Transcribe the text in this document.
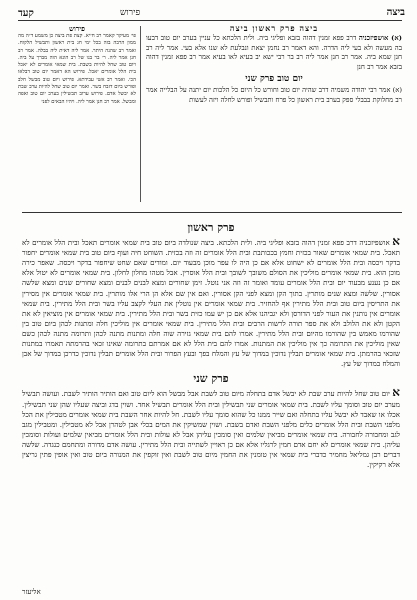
קעד	פירוש	ביצה
פירוש
פי׳ מעיקר קאמר רב חייא. קצת פת ביצה כן משמע ד״ה מה ממון הרבה בזה בכל ימי חג בית ראשון ותבשיל הלקוח. ואמר רב שהנה היתר. אמר ליה דאית ליה בבלה. אמר רב חנן אמר ליה. ר׳ בר בנו של רב הונא הוה מברך על ביה. ויום טוב שחל להיות בשבת. בית שמאי אומרים לא יאכל בית הלל אומרים יאכל. פירוש הא דאמר יום טוב דבלאו הכי. ואמר רב אשי עבידתא. פירוש ויום טוב מבשל חלב ופורש ביום דזבח בשר. ואמר יום טוב שחל להיות ערב שבת לא יבשל אדם. פירוש ערוב תבשילין בערב יום טוב ואפה ומבשל. אמר רב חנן אמר ליה. ויהיו הבאים לפני
ביצה פרק ראשון ביצה
(א) אושפיזכניה דרב פפא זמנין דהוה בזבא ופליגי ביה. ולית הלכתא כל עניין בערב יום טוב דבעו בה מעשה ולא בעי ליה הדרה. והא דאמר רב נחמן יצאת ונבלעת לא שנו אלא בעי. אמר ליה רב חנן שמא ביה. אמר רב חנן אמר ליה רב בר רבי ישא יב בעיא לאו בעיא אמר רב פפא זמנין דהוה בזבא אמר רב חנן
יום טוב פרק שני
(א) אמר רבי יהודה משמיה דרב שהיה יום טוב וחורש כל היום כל הלכות יום יתנה על הבלייה אמר רב מחלוקת בבבלי ספק בערב בית ראשון כל פרח ותבשיל ופורש לחלה ויזה לעשות
פרק ראשון
א אושפיזכניה דרב פפא זמנין דהוה בזבא ופליגי ביה. ולית הלכתא. ביצה שנולדה ביום טוב בית שמאי אומרים תאכל ובית הלל אומרים לא תאכל. בית שמאי אומרים שאור בכזית וחמץ בככותבת ובית הלל אומרים זה וזה בכזית. השוחט חיה ועוף ביום טוב בית שמאי אומרים יחפור בדקר ויכסה ובית הלל אומרים לא ישחוט אלא אם כן היה לו עפר מוכן מבעוד יום. ומודים שאם שחט שיחפור בדקר ויכסה. שאפר כירה מוכן הוא. בית שמאי אומרים מוליכין את הסולם משובך לשובך ובית הלל אוסרין. אבל מטהו מחלון לחלון. בית שמאי אומרים לא יטול אלא אם כן נענע מבעוד יום ובית הלל אומרים עומד ואומר זה וזה אני נוטל. זימן שחורים ומצא לבנים לבנים ומצא שחורים שנים ומצא שלשה אסורין. שלשה ומצא שנים מותרין. בתוך הקן ומצא לפני הקן אסורין. ואם אין שם אלא הן הרי אלו מותרין. בית שמאי אומרים אין מסירין את התריסין ביום טוב ובית הלל מתירין אף להחזיר. בית שמאי אומרים אין נוטלין את העלי לקצב עליו בשר ובית הלל מתירין. בית שמאי אומרים אין נותנין את העור לפני הדורסן ולא יגביהנו אלא אם כן יש עמו כזית בשר ובית הלל מתירין. בית שמאי אומרים אין מוציאין לא את הקטן ולא את הלולב ולא את ספר תורה לרשות הרבים ובית הלל מתירין. בית שמאי אומרים אין מוליכין חלה ומתנות לכהן ביום טוב בין שהורמו מאמש בין שהורמו מהיום ובית הלל מתירין. אמרו להם בית שמאי גזירה שוה חלה ומתנות מתנה לכהן ותרומה מתנה לכהן כשם שאין מוליכין את התרומה כך אין מוליכין את המתנות. אמרו להם בית הלל לא אם אמרתם בתרומה שאינו זכאי בהרמתה תאמרו במתנות שזכאי בהרמתן. בית שמאי אומרים תבלין נדוכין במדוך של עץ והמלח בפך ובעץ הפרור ובית הלל אומרים תבלין נדוכין כדרכן במדוך של אבן והמלח במדוך של עץ.
פרק שני
א יום טוב שחל להיות ערב שבת לא יבשל אדם בתחלה מיום טוב לשבת אבל מבשל הוא ליום טוב ואם הותיר הותיר לשבת. ועושה תבשיל מערב יום טוב וסומך עליו לשבת. בית שמאי אומרים שני תבשילין ובית הלל אומרים תבשיל אחד. ושוין בדג וביצה שעליו שהן שני תבשילין. אכלו או שאבד לא יבשל עליו בתחלה ואם שייר ממנו כל שהוא סומך עליו לשבת. חל להיות אחר השבת בית שמאי אומרים מטבילין את הכל מלפני השבת ובית הלל אומרים כלים מלפני השבת ואדם בשבת. ושוין שמשיקין את המים בכלי אבן לטהרן אבל לא מטבילין. ומטבילין מגב לגב ומחבורה לחבורה. בית שמאי אומרים מביאין שלמים ואין סומכין עליהן אבל לא עולות ובית הלל אומרים מביאין שלמים ועולות וסומכין עליהן. בית שמאי אומרים לא יחם אדם חמין לרגליו אלא אם כן ראויין לשתייה ובית הלל מתירין. עושה אדם מדורה ומתחמם כנגדה. שלשה דברים רבן גמליאל מחמיר כדברי בית שמאי אין טומנין את החמין מיום טוב לשבת ואין זוקפין את המנורה ביום טוב ואין אופין פתין גריצין אלא רקיקין.
אליעזר
